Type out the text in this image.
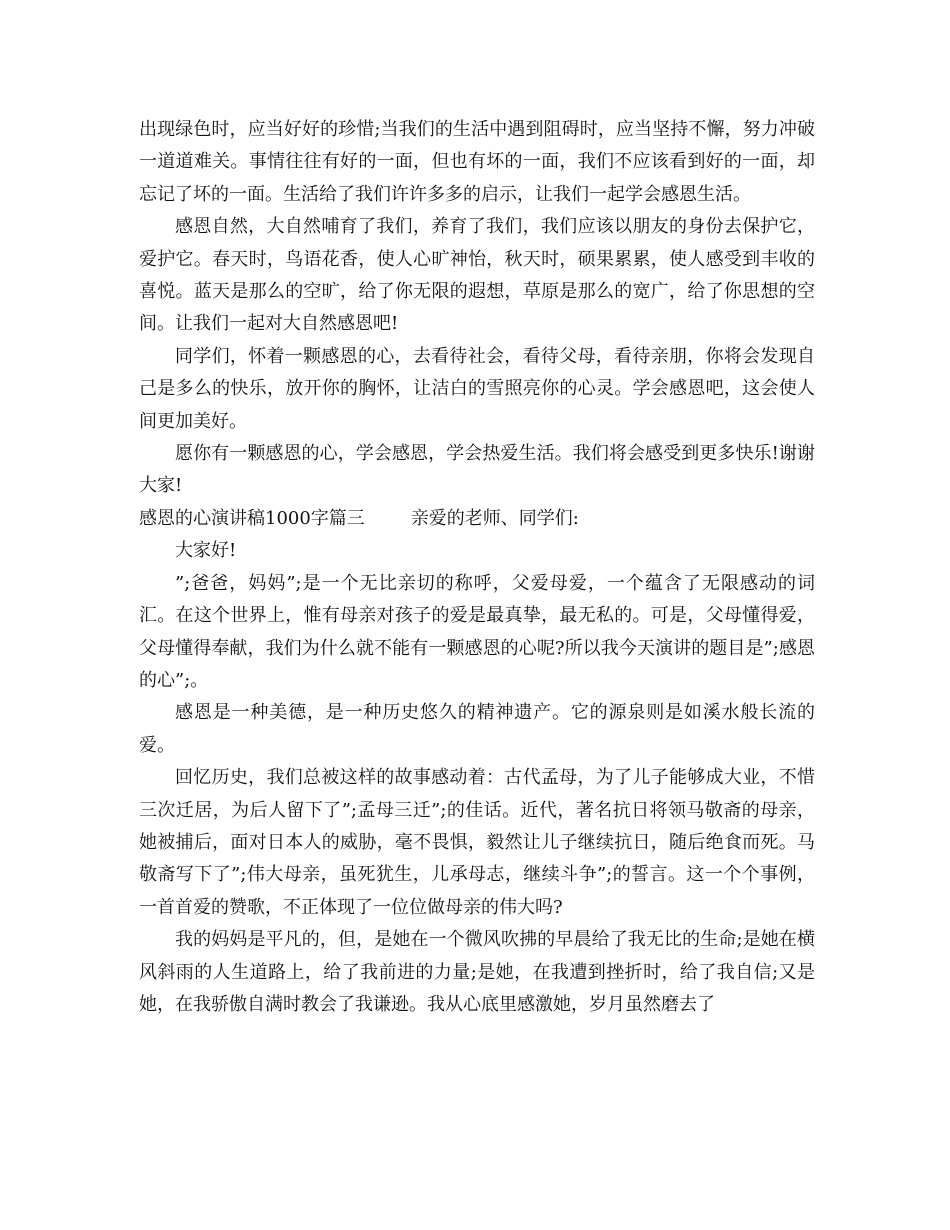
出现绿色时，应当好好的珍惜;当我们的生活中遇到阻碍时，应当坚持不懈，努力冲破一道道难关。事情往往有好的一面，但也有坏的一面，我们不应该看到好的一面，却忘记了坏的一面。生活给了我们许许多多的启示，让我们一起学会感恩生活。

感恩自然，大自然哺育了我们，养育了我们，我们应该以朋友的身份去保护它，爱护它。春天时，鸟语花香，使人心旷神怡，秋天时，硕果累累，使人感受到丰收的喜悦。蓝天是那么的空旷，给了你无限的遐想，草原是那么的宽广，给了你思想的空间。让我们一起对大自然感恩吧!

同学们，怀着一颗感恩的心，去看待社会，看待父母，看待亲朋，你将会发现自己是多么的快乐，放开你的胸怀，让洁白的雪照亮你的心灵。学会感恩吧，这会使人间更加美好。

愿你有一颗感恩的心，学会感恩，学会热爱生活。我们将会感受到更多快乐!谢谢大家!

感恩的心演讲稿1000字篇三	亲爱的老师、同学们:

大家好!

”;爸爸，妈妈”;是一个无比亲切的称呼，父爱母爱，一个蕴含了无限感动的词汇。在这个世界上，惟有母亲对孩子的爱是最真挚，最无私的。可是，父母懂得爱，父母懂得奉献，我们为什么就不能有一颗感恩的心呢?所以我今天演讲的题目是”;感恩的心”;。

感恩是一种美德，是一种历史悠久的精神遗产。它的源泉则是如溪水般长流的爱。

回忆历史，我们总被这样的故事感动着：古代孟母，为了儿子能够成大业，不惜三次迁居，为后人留下了”;孟母三迁”;的佳话。近代，著名抗日将领马敬斋的母亲，她被捕后，面对日本人的威胁，毫不畏惧，毅然让儿子继续抗日，随后绝食而死。马敬斋写下了”;伟大母亲，虽死犹生，儿承母志，继续斗争”;的誓言。这一个个事例，一首首爱的赞歌，不正体现了一位位做母亲的伟大吗?

我的妈妈是平凡的，但，是她在一个微风吹拂的早晨给了我无比的生命;是她在横风斜雨的人生道路上，给了我前进的力量;是她，在我遭到挫折时，给了我自信;又是她，在我骄傲自满时教会了我谦逊。我从心底里感激她，岁月虽然磨去了
